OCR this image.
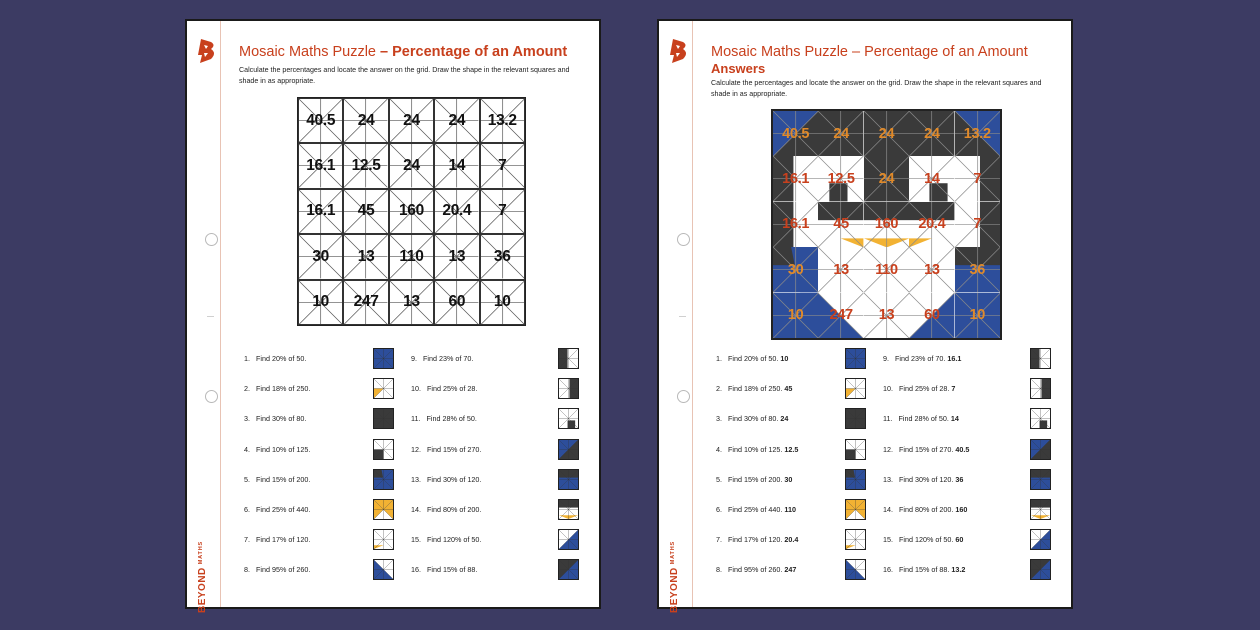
$BEYOND^{MATHS}$
Mosaic Maths Puzzle – Percentage of an Amount
Calculate the percentages and locate the answer on the grid. Draw the shape in the relevant squares and shade in as appropriate.
40.5	24	24	24	13.2
16.1	12.5	24	14	7
16.1	45	160	20.4	7
30	13	110	13	36
10	247	13	60	10
1. Find 20% of 50.
2. Find 18% of 250.
3. Find 30% of 80.
4. Find 10% of 125.
5. Find 15% of 200.
6. Find 25% of 440.
7. Find 17% of 120.
8. Find 95% of 260.
9. Find 23% of 70.
10. Find 25% of 28.
11. Find 28% of 50.
12. Find 15% of 270.
13. Find 30% of 120.
14. Find 80% of 200.
15. Find 120% of 50.
16. Find 15% of 88.	$BEYOND^{MATHS}$
Mosaic Maths Puzzle – Percentage of an Amount
Answers
Calculate the percentages and locate the answer on the grid. Draw the shape in the relevant squares and shade in as appropriate.
40.5	24	24	24	13.2
16.1	12.5	24	14	7
16.1	45	160	20.4	7
30	13	110	13	36
10	247	13	60	10
1. Find 20% of 50. 10
2. Find 18% of 250. 45
3. Find 30% of 80. 24
4. Find 10% of 125. 12.5
5. Find 15% of 200. 30
6. Find 25% of 440. 110
7. Find 17% of 120. 20.4
8. Find 95% of 260. 247
9. Find 23% of 70. 16.1
10. Find 25% of 28. 7
11. Find 28% of 50. 14
12. Find 15% of 270. 40.5
13. Find 30% of 120. 36
14. Find 80% of 200. 160
15. Find 120% of 50. 60
16. Find 15% of 88. 13.2
